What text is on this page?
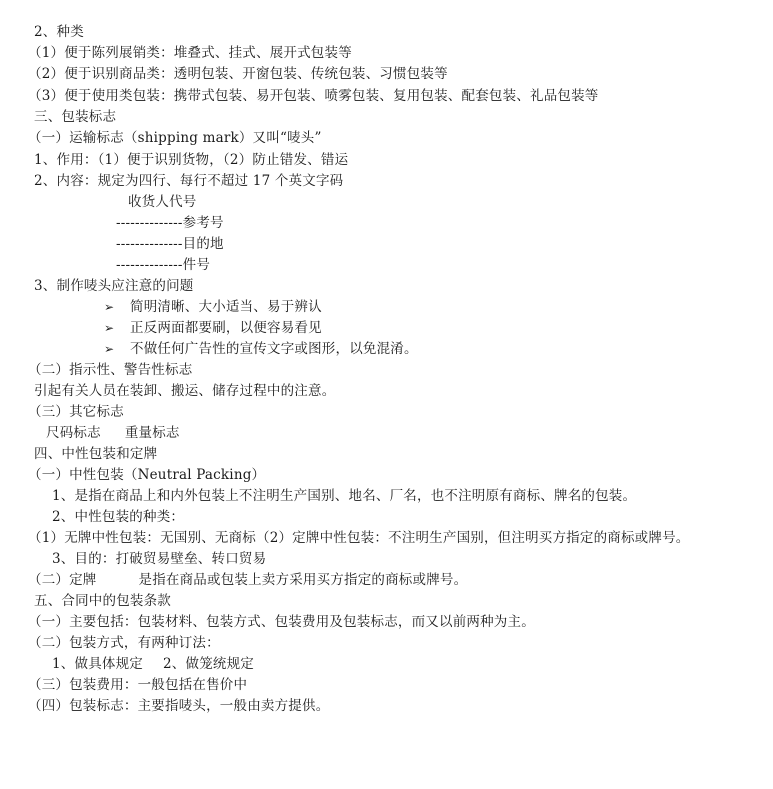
2、种类
（1）便于陈列展销类：堆叠式、挂式、展开式包装等
（2）便于识别商品类：透明包装、开窗包装、传统包装、习惯包装等
（3）便于使用类包装：携带式包装、易开包装、喷雾包装、复用包装、配套包装、礼品包装等
三、包装标志
（一）运输标志（shipping mark）又叫“唛头”
1、作用：（1）便于识别货物，（2）防止错发、错运
2、内容：规定为四行、每行不超过 17 个英文字码
收货人代号
--------------参考号
--------------目的地
--------------件号
3、制作唛头应注意的问题
➢ 简明清晰、大小适当、易于辨认
➢ 正反两面都要刷，以便容易看见
➢ 不做任何广告性的宣传文字或图形，以免混淆。
（二）指示性、警告性标志
引起有关人员在装卸、搬运、储存过程中的注意。
（三）其它标志
尺码标志 重量标志
四、中性包装和定牌
（一）中性包装（Neutral Packing）
1、是指在商品上和内外包装上不注明生产国别、地名、厂名，也不注明原有商标、牌名的包装。
2、中性包装的种类：
（1）无牌中性包装：无国别、无商标（2）定牌中性包装：不注明生产国别，但注明买方指定的商标或牌号。
3、目的：打破贸易壁垒、转口贸易
（二）定牌	是指在商品或包装上卖方采用买方指定的商标或牌号。
五、合同中的包装条款
（一）主要包括：包装材料、包装方式、包装费用及包装标志，而又以前两种为主。
（二）包装方式，有两种订法：
1、做具体规定 2、做笼统规定
（三）包装费用：一般包括在售价中
（四）包装标志：主要指唛头，一般由卖方提供。
